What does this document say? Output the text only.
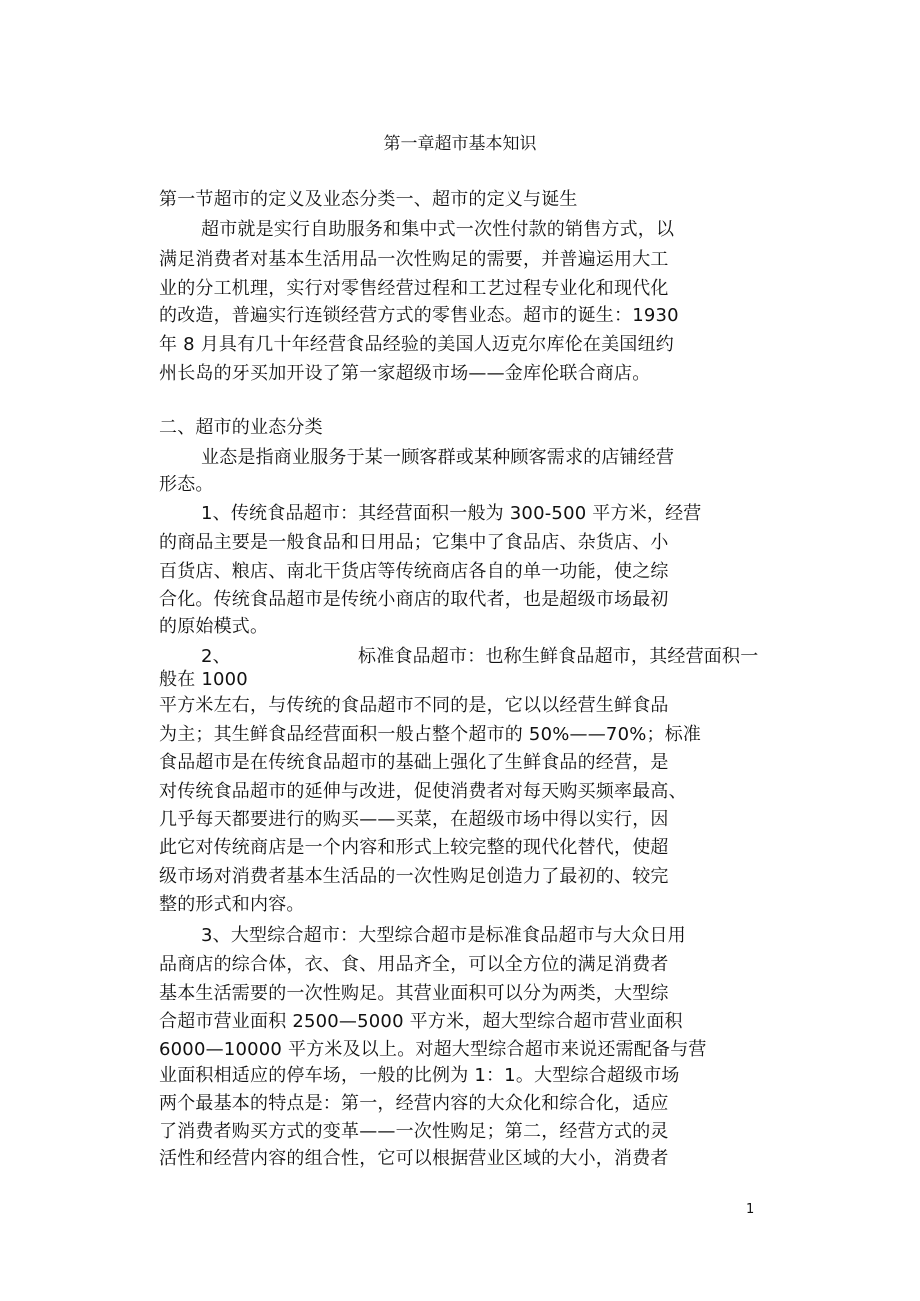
第一章超市基本知识
第一节超市的定义及业态分类一、超市的定义与诞生
超市就是实行自助服务和集中式一次性付款的销售方式，以
满足消费者对基本生活用品一次性购足的需要，并普遍运用大工
业的分工机理，实行对零售经营过程和工艺过程专业化和现代化
的改造，普遍实行连锁经营方式的零售业态。超市的诞生：1930
年 8 月具有几十年经营食品经验的美国人迈克尔库伦在美国纽约
州长岛的牙买加开设了第一家超级市场——金库伦联合商店。
二、超市的业态分类
业态是指商业服务于某一顾客群或某种顾客需求的店铺经营
形态。
1、传统食品超市：其经营面积一般为 300-500 平方米，经营
的商品主要是一般食品和日用品；它集中了食品店、杂货店、小
百货店、粮店、南北干货店等传统商店各自的单一功能，使之综
合化。传统食品超市是传统小商店的取代者，也是超级市场最初
的原始模式。
2、	标准食品超市：也称生鲜食品超市，其经营面积一
般在 1000
平方米左右，与传统的食品超市不同的是，它以以经营生鲜食品
为主；其生鲜食品经营面积一般占整个超市的 50%——70%；标准
食品超市是在传统食品超市的基础上强化了生鲜食品的经营，是
对传统食品超市的延伸与改进，促使消费者对每天购买频率最高、
几乎每天都要进行的购买——买菜，在超级市场中得以实行，因
此它对传统商店是一个内容和形式上较完整的现代化替代，使超
级市场对消费者基本生活品的一次性购足创造力了最初的、较完
整的形式和内容。
3、大型综合超市：大型综合超市是标准食品超市与大众日用
品商店的综合体，衣、食、用品齐全，可以全方位的满足消费者
基本生活需要的一次性购足。其营业面积可以分为两类，大型综
合超市营业面积 2500—5000 平方米，超大型综合超市营业面积
6000—10000 平方米及以上。对超大型综合超市来说还需配备与营
业面积相适应的停车场，一般的比例为 1：1。大型综合超级市场
两个最基本的特点是：第一，经营内容的大众化和综合化，适应
了消费者购买方式的变革——一次性购足；第二，经营方式的灵
活性和经营内容的组合性，它可以根据营业区域的大小，消费者
1
